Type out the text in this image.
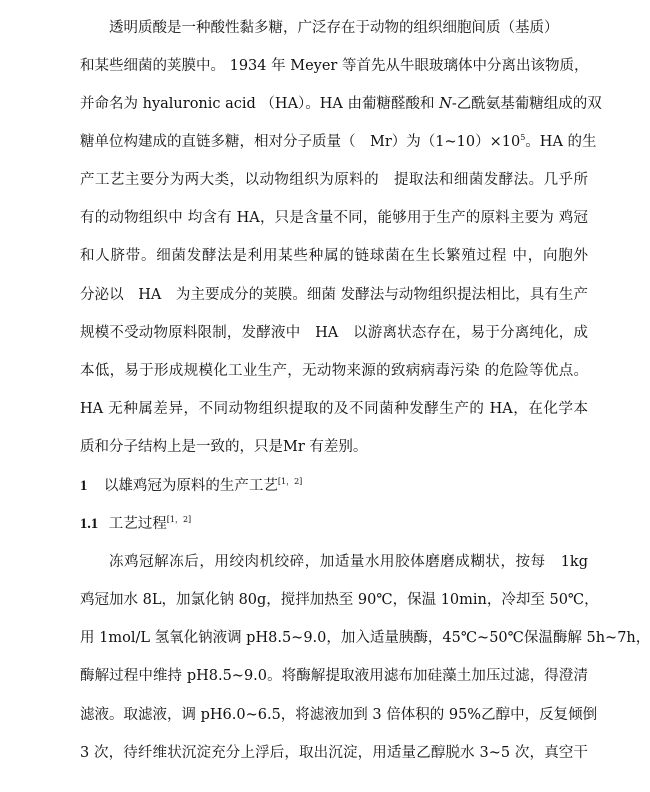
透明质酸是一种酸性黏多糖，广泛存在于动物的组织细胞间质（基质）
和某些细菌的荚膜中。 1934 年 Meyer 等首先从牛眼玻璃体中分离出该物质，
并命名为 hyaluronic acid （HA）。HA 由葡糖醛酸和 N-乙酰氨基葡糖组成的双
糖单位构建成的直链多糖，相对分子质量（　Mr）为$(1\sim 10)\times 10^5$。HA 的生
产工艺主要分为两大类，以动物组织为原料的　提取法和细菌发酵法。几乎所
有的动物组织中 均含有 HA，只是含量不同，能够用于生产的原料主要为 鸡冠
和人脐带。细菌发酵法是利用某些种属的链球菌在生长繁殖过程 中，向胞外
分泌以　HA　为主要成分的荚膜。细菌 发酵法与动物组织提法相比，具有生产
规模不受动物原料限制，发酵液中　HA　以游离状态存在，易于分离纯化，成
本低，易于形成规模化工业生产，无动物来源的致病病毒污染 的危险等优点。
HA 无种属差异，不同动物组织提取的及不同菌种发酵生产的 HA，在化学本
质和分子结构上是一致的，只是Mr 有差别。
1 以雄鸡冠为原料的生产工艺[1，2]
1.1 工艺过程[1，2]
冻鸡冠解冻后，用绞肉机绞碎，加适量水用胶体磨磨成糊状，按每　1kg
鸡冠加水 8L，加氯化钠 80g，搅拌加热至 90℃，保温 10min，冷却至 50℃，
用 1mol/L 氢氧化钠液调 pH8.5~9.0，加入适量胰酶，45℃~50℃保温酶解 5h~7h，
酶解过程中维持 pH8.5~9.0。将酶解提取液用滤布加硅藻土加压过滤，得澄清
滤液。取滤液，调 pH6.0~6.5，将滤液加到 3 倍体积的 95%乙醇中，反复倾倒
3 次，待纤维状沉淀充分上浮后，取出沉淀，用适量乙醇脱水 3~5 次，真空干
